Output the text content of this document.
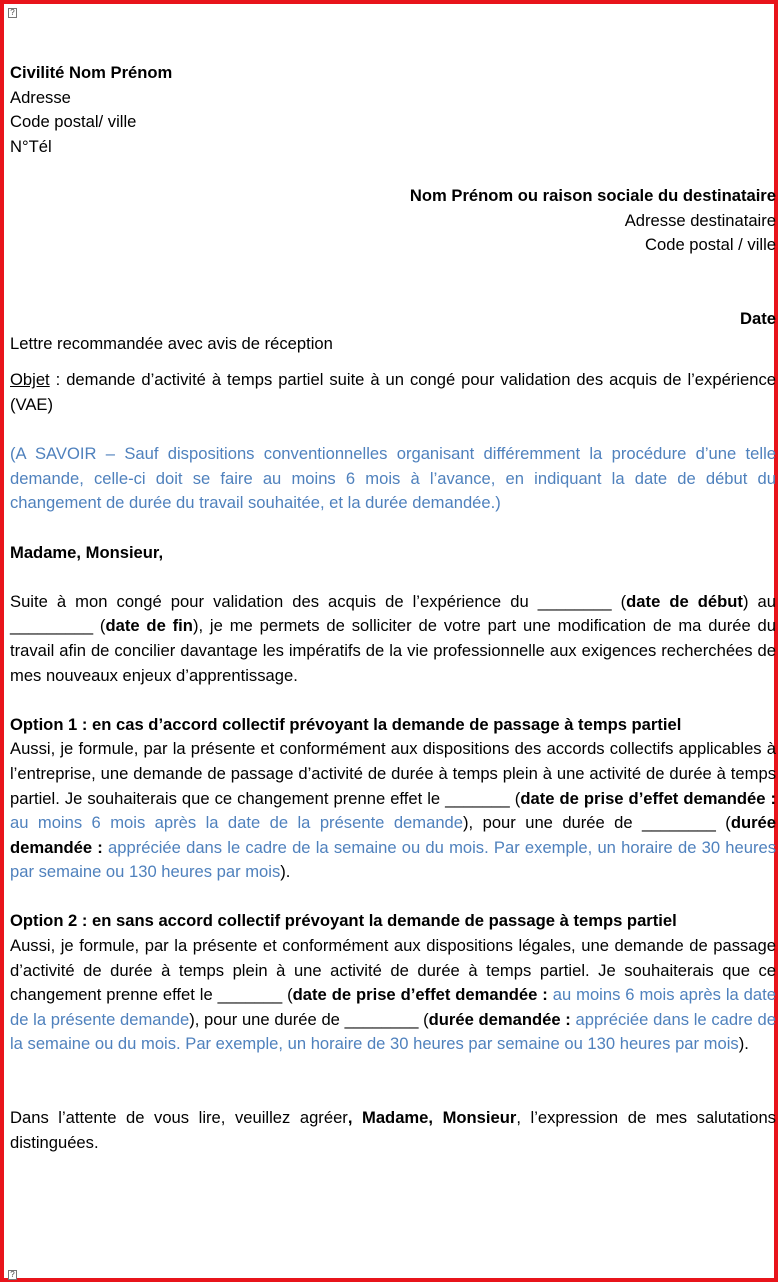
?
?

Civilité Nom Prénom

Adresse

Code postal/ ville

N°Tél

Nom Prénom ou raison sociale du destinataire

Adresse destinataire

Code postal / ville

Date

Lettre recommandée avec avis de réception

Objet : demande d’activité à temps partiel suite à un congé pour validation des acquis de l’expérience (VAE)

(A SAVOIR – Sauf dispositions conventionnelles organisant différemment la procédure d’une telle demande, celle-ci doit se faire au moins 6 mois à l’avance, en indiquant la date de début du changement de durée du travail souhaitée, et la durée demandée.)

Madame, Monsieur,

Suite à mon congé pour validation des acquis de l’expérience du ________ (date de début) au _________ (date de fin), je me permets de solliciter de votre part une modification de ma durée du travail afin de concilier davantage les impératifs de la vie professionnelle aux exigences recherchées de mes nouveaux enjeux d’apprentissage.

Option 1 : en cas d’accord collectif prévoyant la demande de passage à temps partiel

Aussi, je formule, par la présente et conformément aux dispositions des accords collectifs applicables à l’entreprise, une demande de passage d’activité de durée à temps plein à une activité de durée à temps partiel. Je souhaiterais que ce changement prenne effet le _______ (date de prise d’effet demandée : au moins 6 mois après la date de la présente demande), pour une durée de ________ (durée demandée : appréciée dans le cadre de la semaine ou du mois. Par exemple, un horaire de 30 heures par semaine ou 130 heures par mois).

Option 2 : en sans accord collectif prévoyant la demande de passage à temps partiel

Aussi, je formule, par la présente et conformément aux dispositions légales, une demande de passage d’activité de durée à temps plein à une activité de durée à temps partiel. Je souhaiterais que ce changement prenne effet le _______ (date de prise d’effet demandée : au moins 6 mois après la date de la présente demande), pour une durée de ________ (durée demandée : appréciée dans le cadre de la semaine ou du mois. Par exemple, un horaire de 30 heures par semaine ou 130 heures par mois).

Dans l’attente de vous lire, veuillez agréer, Madame, Monsieur, l’expression de mes salutations distinguées.
